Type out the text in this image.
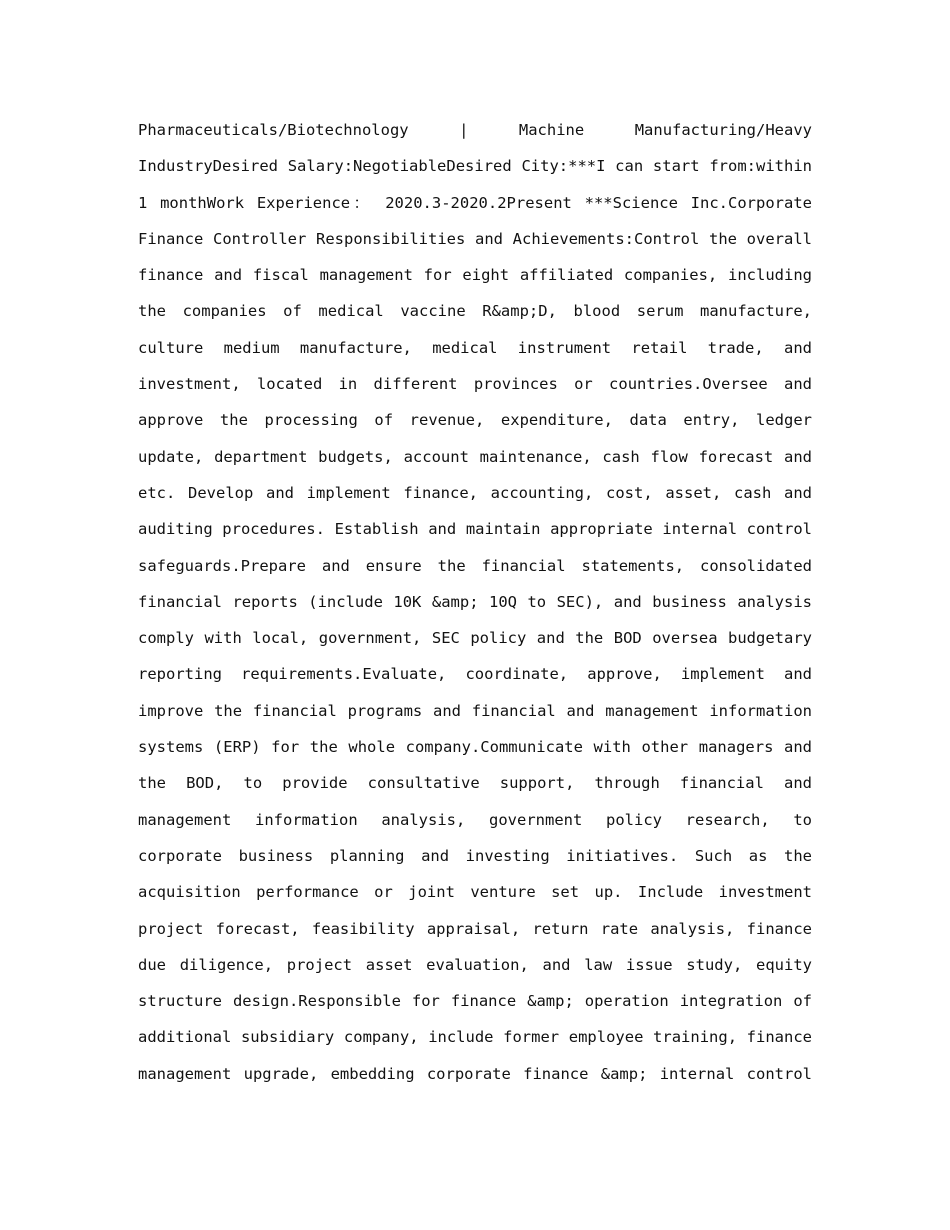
Pharmaceuticals/Biotechnology | Machine Manufacturing/Heavy
IndustryDesired Salary:NegotiableDesired City:***I can start from:within
1 monthWork Experience： 2020.3-2020.2Present ***Science Inc.Corporate
Finance Controller Responsibilities and Achievements:Control the overall
finance and fiscal management for eight affiliated companies, including
the companies of medical vaccine R&amp;D, blood serum manufacture,
culture medium manufacture, medical instrument retail trade, and
investment, located in different provinces or countries.Oversee and
approve the processing of revenue, expenditure, data entry, ledger
update, department budgets, account maintenance, cash flow forecast and
etc. Develop and implement finance, accounting, cost, asset, cash and
auditing procedures. Establish and maintain appropriate internal control
safeguards.Prepare and ensure the financial statements, consolidated
financial reports (include 10K &amp; 10Q to SEC), and business analysis
comply with local, government, SEC policy and the BOD oversea budgetary
reporting requirements.Evaluate, coordinate, approve, implement and
improve the financial programs and financial and management information
systems (ERP) for the whole company.Communicate with other managers and
the BOD, to provide consultative support, through financial and
management information analysis, government policy research, to
corporate business planning and investing initiatives. Such as the
acquisition performance or joint venture set up. Include investment
project forecast, feasibility appraisal, return rate analysis, finance
due diligence, project asset evaluation, and law issue study, equity
structure design.Responsible for finance &amp; operation integration of
additional subsidiary company, include former employee training, finance
management upgrade, embedding corporate finance &amp; internal control
